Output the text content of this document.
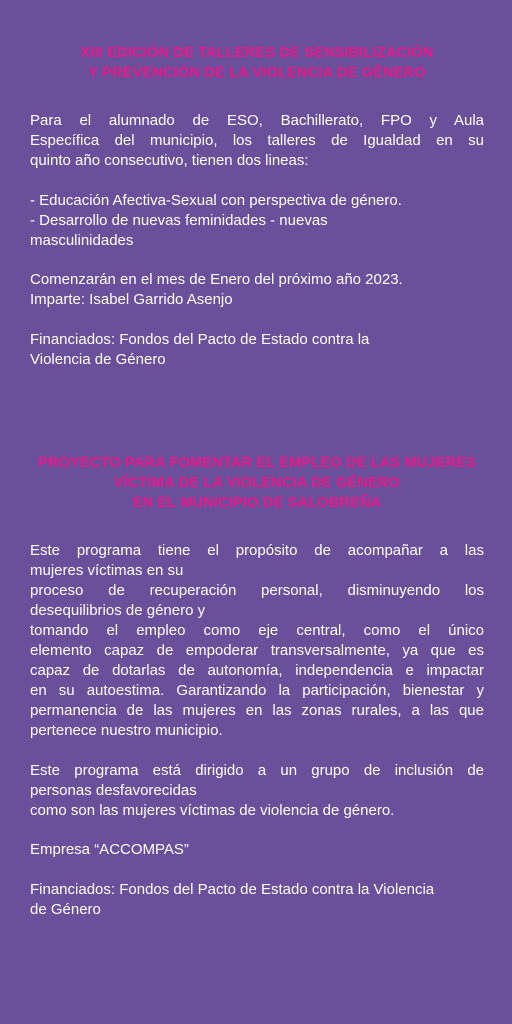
XIII EDICIÓN DE TALLERES DE SENSIBILIZACIÓN
Y PREVENCIÓN DE LA VIOLENCIA DE GÉNERO

Para el alumnado de ESO, Bachillerato, FPO y Aula
Específica del municipio, los talleres de Igualdad en su
quinto año consecutivo, tienen dos lineas:

- Educación Afectiva-Sexual con perspectiva de género.
- Desarrollo de nuevas feminidades - nuevas
masculinidades

Comenzarán en el mes de Enero del próximo año 2023.
Imparte: Isabel Garrido Asenjo

Financiados: Fondos del Pacto de Estado contra la
Violencia de Género

PROYECTO PARA FOMENTAR EL EMPLEO DE LAS MUJERES
VÍCTIMA DE LA VIOLENCIA DE GÉNERO
EN EL MUNICIPIO DE SALOBREÑA

Este programa tiene el propósito de acompañar a las
mujeres víctimas en su
proceso de recuperación personal, disminuyendo los
desequilibrios de género y
tomando el empleo como eje central, como el único
elemento capaz de empoderar transversalmente, ya que es
capaz de dotarlas de autonomía, independencia e impactar
en su autoestima. Garantizando la participación, bienestar y
permanencia de las mujeres en las zonas rurales, a las que
pertenece nuestro municipio.

Este programa está dirigido a un grupo de inclusión de
personas desfavorecidas
como son las mujeres víctimas de violencia de género.

Empresa “ACCOMPAS”

Financiados: Fondos del Pacto de Estado contra la Violencia
de Género
